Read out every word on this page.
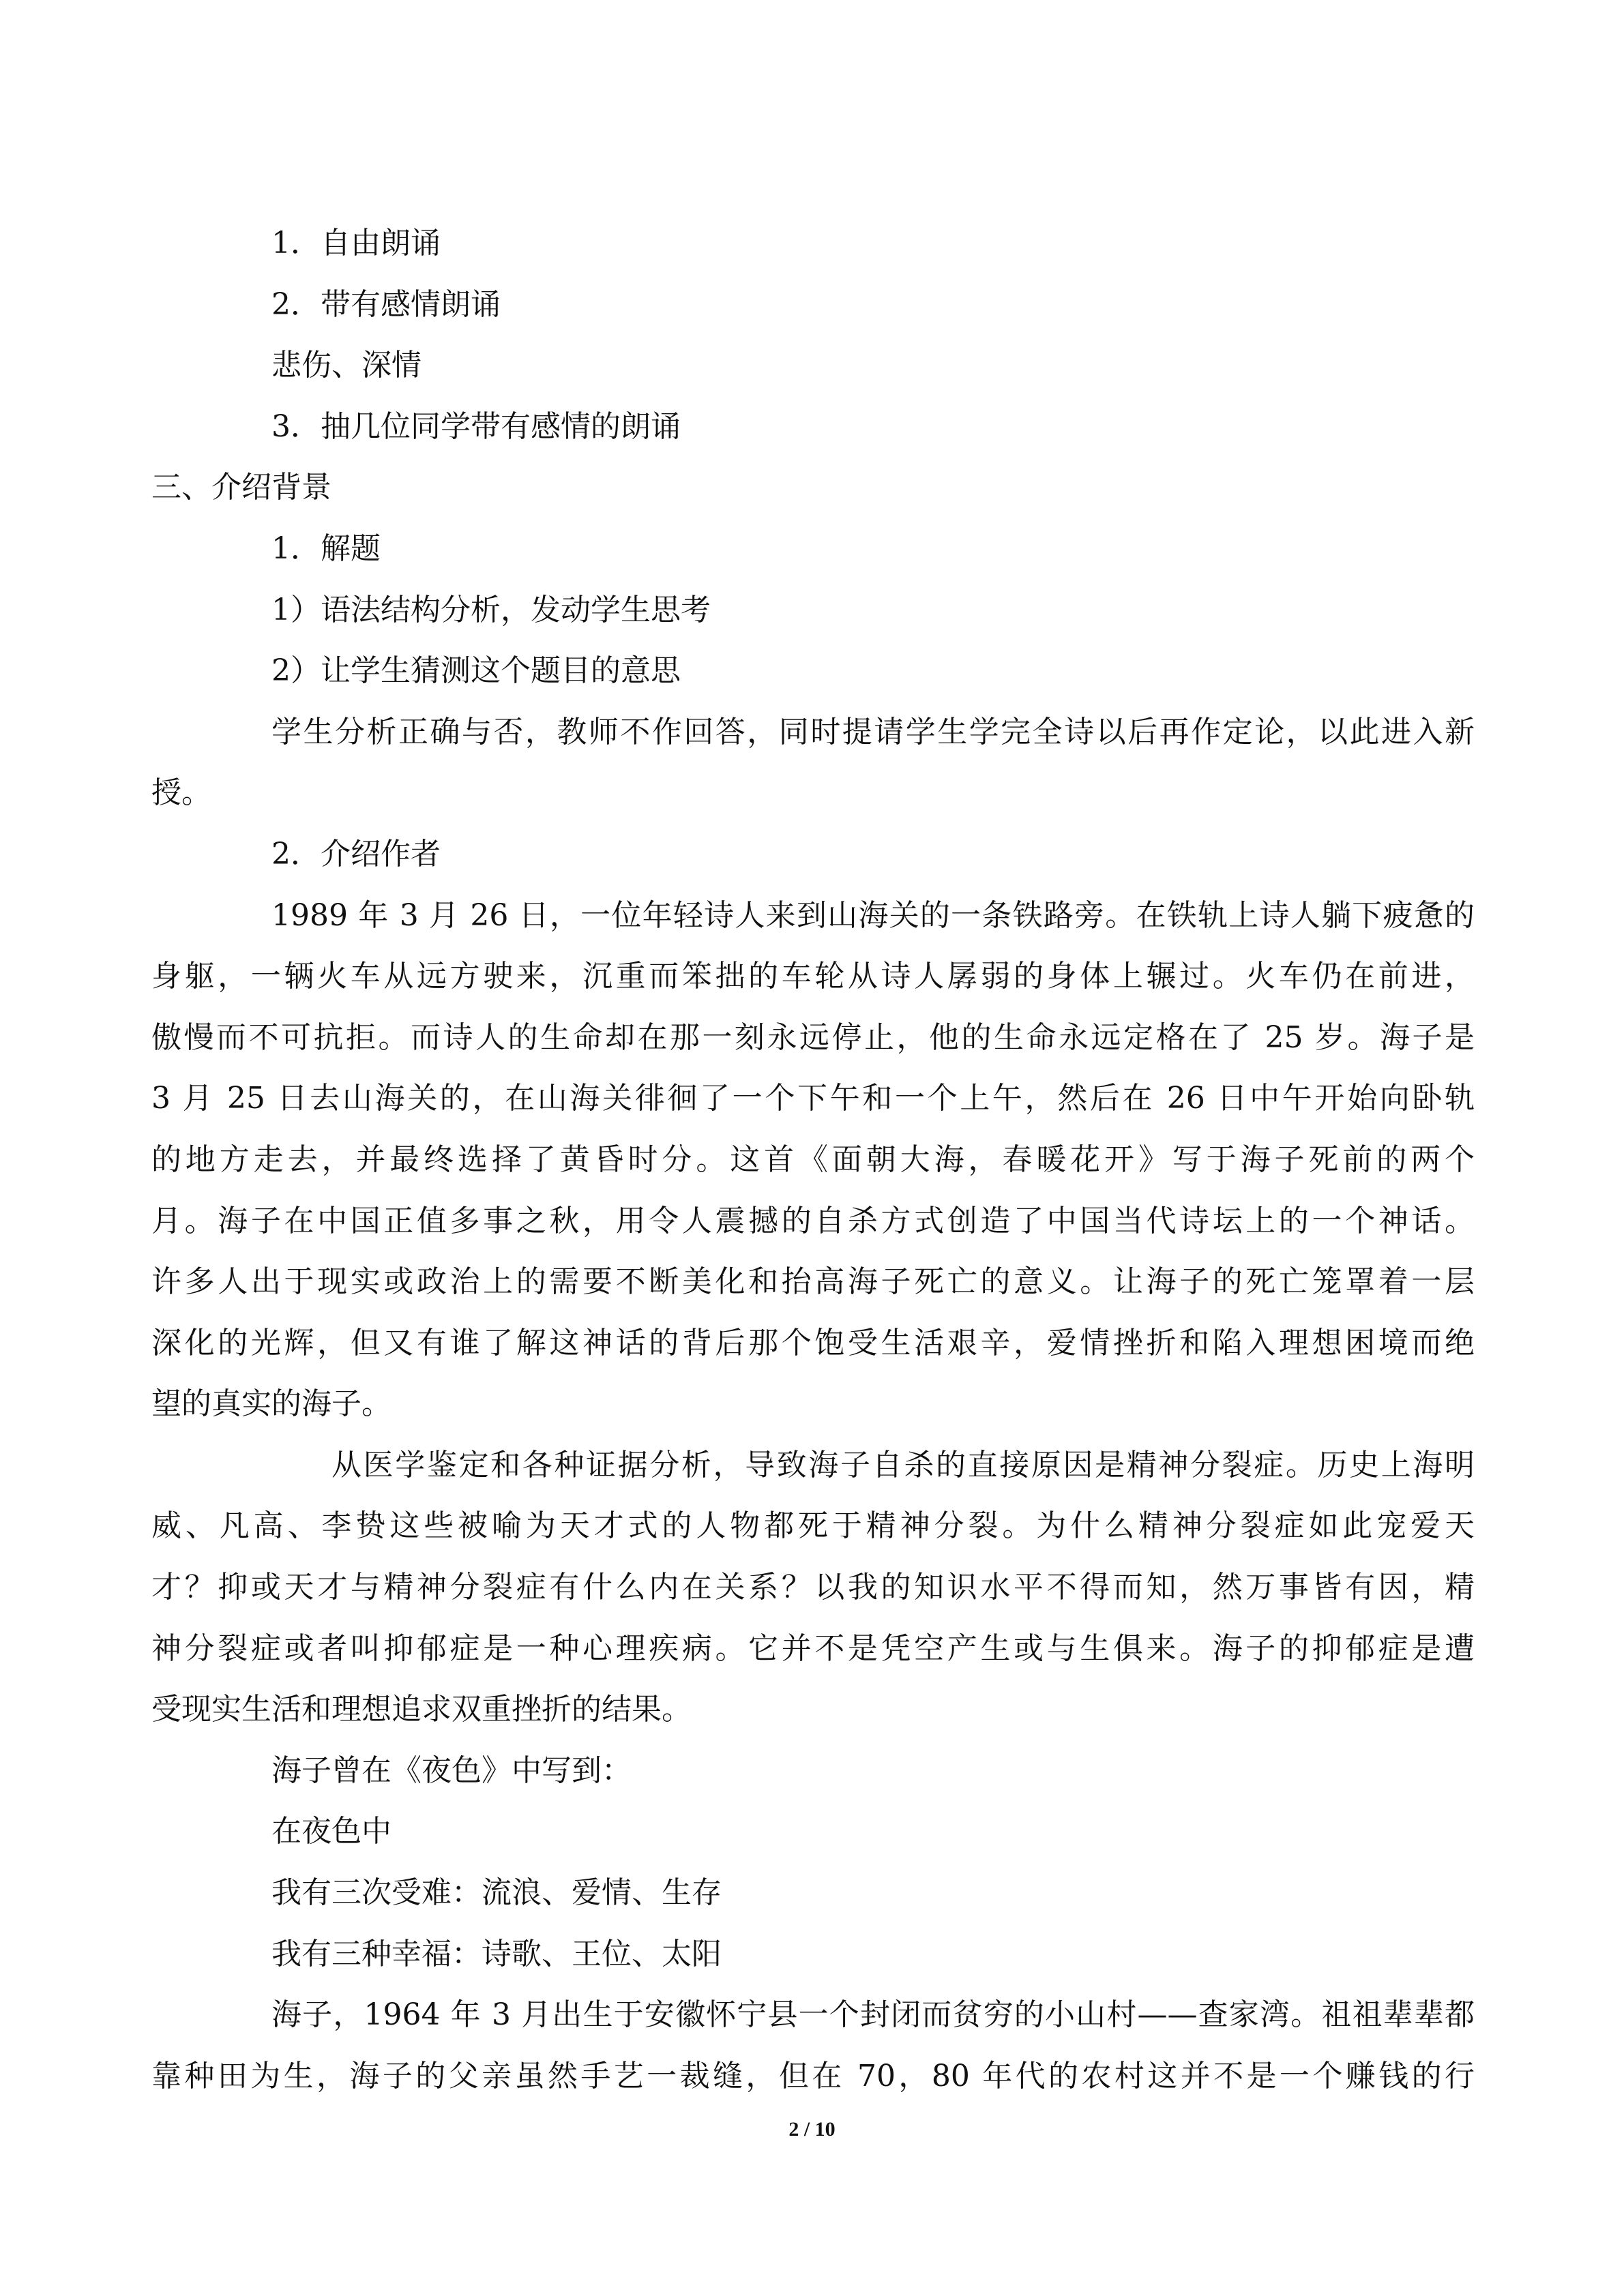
1．自由朗诵
2．带有感情朗诵
悲伤、深情
3．抽几位同学带有感情的朗诵
三、介绍背景
1．解题
1）语法结构分析，发动学生思考
2）让学生猜测这个题目的意思
学生分析正确与否，教师不作回答，同时提请学生学完全诗以后再作定论，以此进入新
授。
2．介绍作者
1989 年 3 月 26 日，一位年轻诗人来到山海关的一条铁路旁。在铁轨上诗人躺下疲惫的
身躯，一辆火车从远方驶来，沉重而笨拙的车轮从诗人孱弱的身体上辗过。火车仍在前进，
傲慢而不可抗拒。而诗人的生命却在那一刻永远停止，他的生命永远定格在了 25 岁。海子是
3 月 25 日去山海关的，在山海关徘徊了一个下午和一个上午，然后在 26 日中午开始向卧轨
的地方走去，并最终选择了黄昏时分。这首《面朝大海，春暖花开》写于海子死前的两个
月。海子在中国正值多事之秋，用令人震撼的自杀方式创造了中国当代诗坛上的一个神话。
许多人出于现实或政治上的需要不断美化和抬高海子死亡的意义。让海子的死亡笼罩着一层
深化的光辉，但又有谁了解这神话的背后那个饱受生活艰辛，爱情挫折和陷入理想困境而绝
望的真实的海子。
从医学鉴定和各种证据分析，导致海子自杀的直接原因是精神分裂症。历史上海明
威、凡高、李贽这些被喻为天才式的人物都死于精神分裂。为什么精神分裂症如此宠爱天
才？抑或天才与精神分裂症有什么内在关系？以我的知识水平不得而知，然万事皆有因，精
神分裂症或者叫抑郁症是一种心理疾病。它并不是凭空产生或与生俱来。海子的抑郁症是遭
受现实生活和理想追求双重挫折的结果。
海子曾在《夜色》中写到：
在夜色中
我有三次受难：流浪、爱情、生存
我有三种幸福：诗歌、王位、太阳
海子，1964 年 3 月出生于安徽怀宁县一个封闭而贫穷的小山村——查家湾。祖祖辈辈都
靠种田为生，海子的父亲虽然手艺一裁缝，但在 70，80 年代的农村这并不是一个赚钱的行
2 / 10
